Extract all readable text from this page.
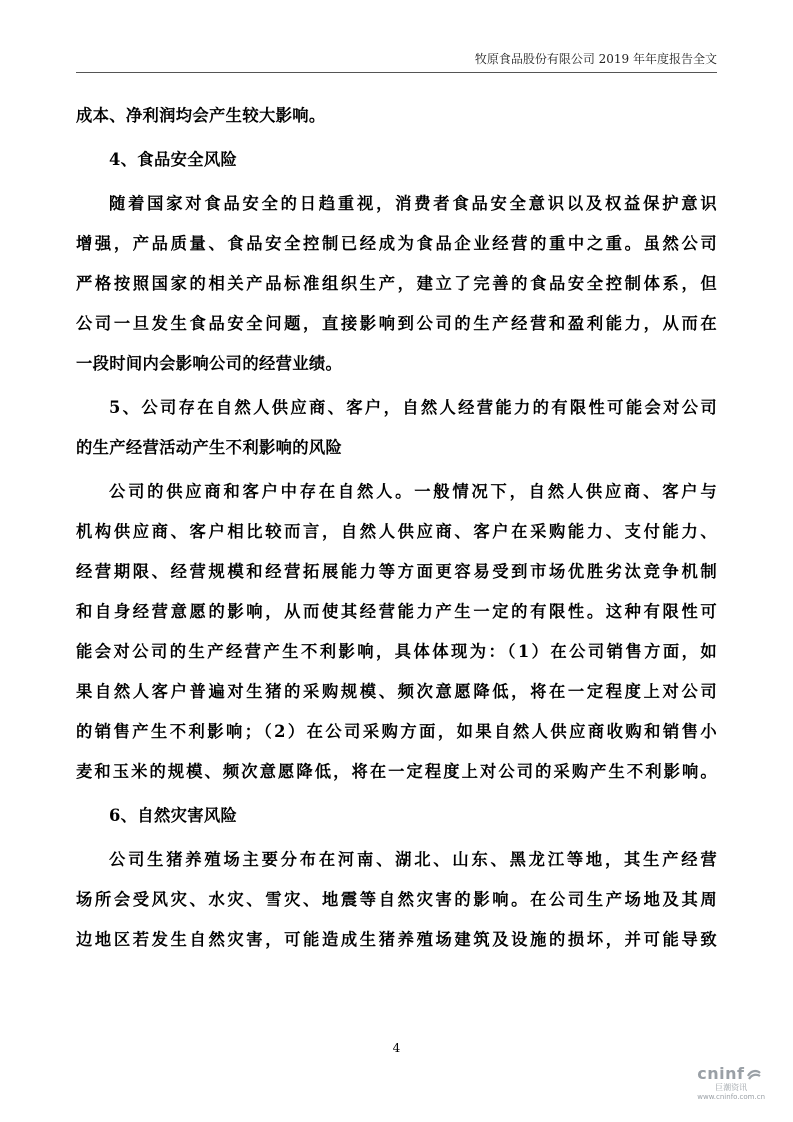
牧原食品股份有限公司 2019 年年度报告全文
成本、净利润均会产生较大影响。
4、食品安全风险
随着国家对食品安全的日趋重视，消费者食品安全意识以及权益保护意识
增强，产品质量、食品安全控制已经成为食品企业经营的重中之重。虽然公司
严格按照国家的相关产品标准组织生产，建立了完善的食品安全控制体系，但
公司一旦发生食品安全问题，直接影响到公司的生产经营和盈利能力，从而在
一段时间内会影响公司的经营业绩。
5、公司存在自然人供应商、客户，自然人经营能力的有限性可能会对公司
的生产经营活动产生不利影响的风险
公司的供应商和客户中存在自然人。一般情况下，自然人供应商、客户与
机构供应商、客户相比较而言，自然人供应商、客户在采购能力、支付能力、
经营期限、经营规模和经营拓展能力等方面更容易受到市场优胜劣汰竞争机制
和自身经营意愿的影响，从而使其经营能力产生一定的有限性。这种有限性可
能会对公司的生产经营产生不利影响，具体体现为：（1）在公司销售方面，如
果自然人客户普遍对生猪的采购规模、频次意愿降低，将在一定程度上对公司
的销售产生不利影响；（2）在公司采购方面，如果自然人供应商收购和销售小
麦和玉米的规模、频次意愿降低，将在一定程度上对公司的采购产生不利影响。
6、自然灾害风险
公司生猪养殖场主要分布在河南、湖北、山东、黑龙江等地，其生产经营
场所会受风灾、水灾、雪灾、地震等自然灾害的影响。在公司生产场地及其周
边地区若发生自然灾害，可能造成生猪养殖场建筑及设施的损坏，并可能导致
4
cninf
巨潮资讯
www.cninfo.com.cn
